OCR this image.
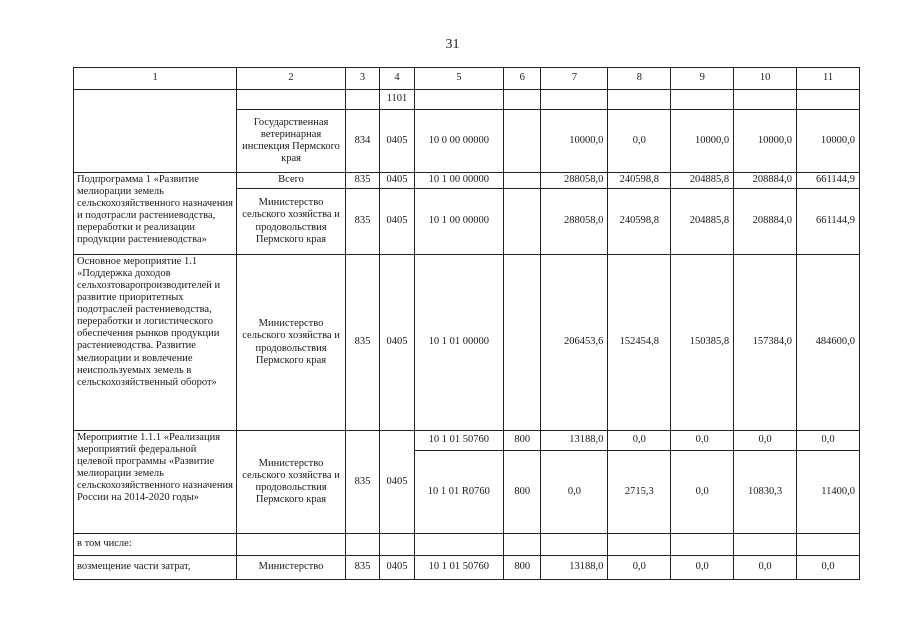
31
1	2	3	4	5	6	7	8	9	10	11
			1101							
	Государственная ветеринарная инспекция Пермского края	834	0405	10 0 00 00000		10000,0	0,0	10000,0	10000,0	10000,0
Подпрограмма 1 «Развитие мелиорации земель сельскохозяйственного назначения и подотрасли растениеводства, переработки и реализации продукции растениеводства»	Всего	835	0405	10 1 00 00000		288058,0	240598,8	204885,8	208884,0	661144,9
	Министерство сельского хозяйства и продовольствия Пермского края	835	0405	10 1 00 00000		288058,0	240598,8	204885,8	208884,0	661144,9
Основное мероприятие 1.1 «Поддержка доходов сельхозтоваропроизводителей и развитие приоритетных подотраслей растениеводства, переработки и логистического обеспечения рынков продукции растениеводства. Развитие мелиорации и вовлечение неиспользуемых земель в сельскохозяйственный оборот»	Министерство сельского хозяйства и продовольствия Пермского края	835	0405	10 1 01 00000		206453,6	152454,8	150385,8	157384,0	484600,0
Мероприятие 1.1.1 «Реализация мероприятий федеральной целевой программы «Развитие мелиорации земель сельскохозяйственного назначения России на 2014-2020 годы»	Министерство сельского хозяйства и продовольствия Пермского края	835	0405	10 1 01 50760	800	13188,0	0,0	0,0	0,0	0,0
				10 1 01 R0760	800	0,0	2715,3	0,0	10830,3	11400,0
в том числе:										
возмещение части затрат,	Министерство	835	0405	10 1 01 50760	800	13188,0	0,0	0,0	0,0	0,0
